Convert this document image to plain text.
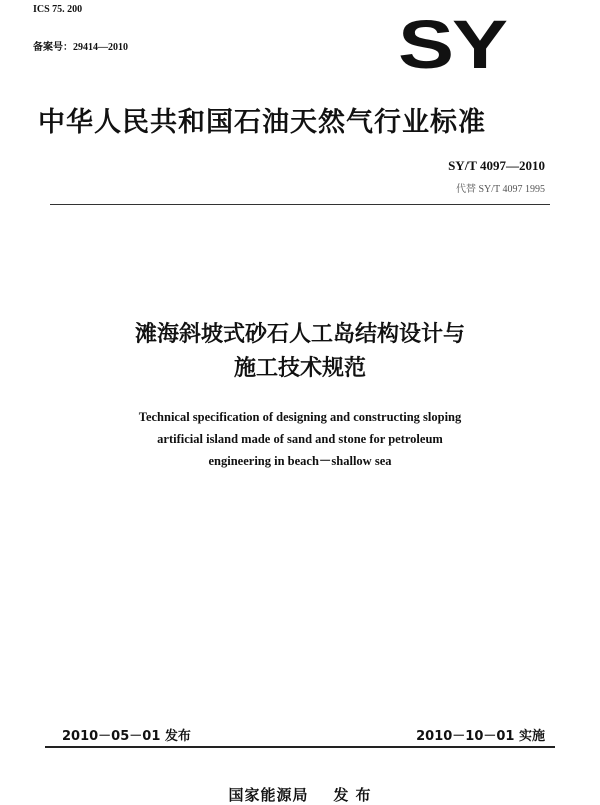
ICS 75. 200
备案号：29414—2010	SY
中华人民共和国石油天然气行业标准
SY/T 4097—2010
代替 SY/T 4097 1995
滩海斜坡式砂石人工岛结构设计与
施工技术规范
Technical specification of designing and constructing sloping
artificial island made of sand and stone for petroleum
engineering in beach－shallow sea
2010－05－01 发布	2010－10－01 实施
国家能源局    发 布
